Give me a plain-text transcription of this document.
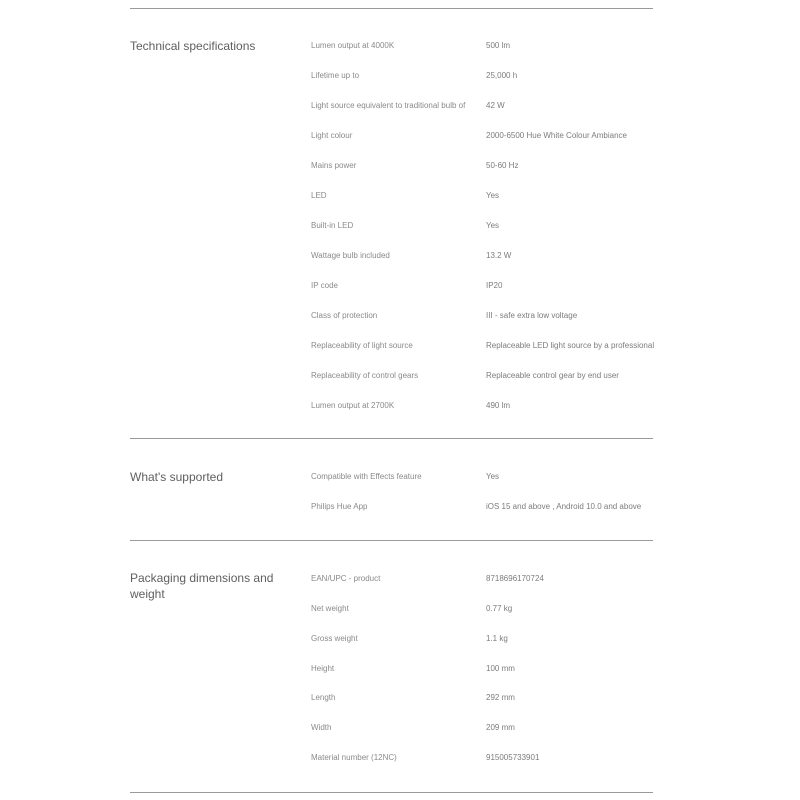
Technical specifications	Lumen output at 4000K	500 lm
Lifetime up to	25,000 h
Light source equivalent to traditional bulb of	42 W
Light colour	2000-6500 Hue White Colour Ambiance
Mains power	50-60 Hz
LED	Yes
Built-in LED	Yes
Wattage bulb included	13.2 W
IP code	IP20
Class of protection	III - safe extra low voltage
Replaceability of light source	Replaceable LED light source by a professional
Replaceability of control gears	Replaceable control gear by end user
Lumen output at 2700K	490 lm
What's supported	Compatible with Effects feature	Yes
Philips Hue App	iOS 15 and above , Android 10.0 and above
Packaging dimensions and weight
EAN/UPC - product	8718696170724
Net weight	0.77 kg
Gross weight	1.1 kg
Height	100 mm
Length	292 mm
Width	209 mm
Material number (12NC)	915005733901
